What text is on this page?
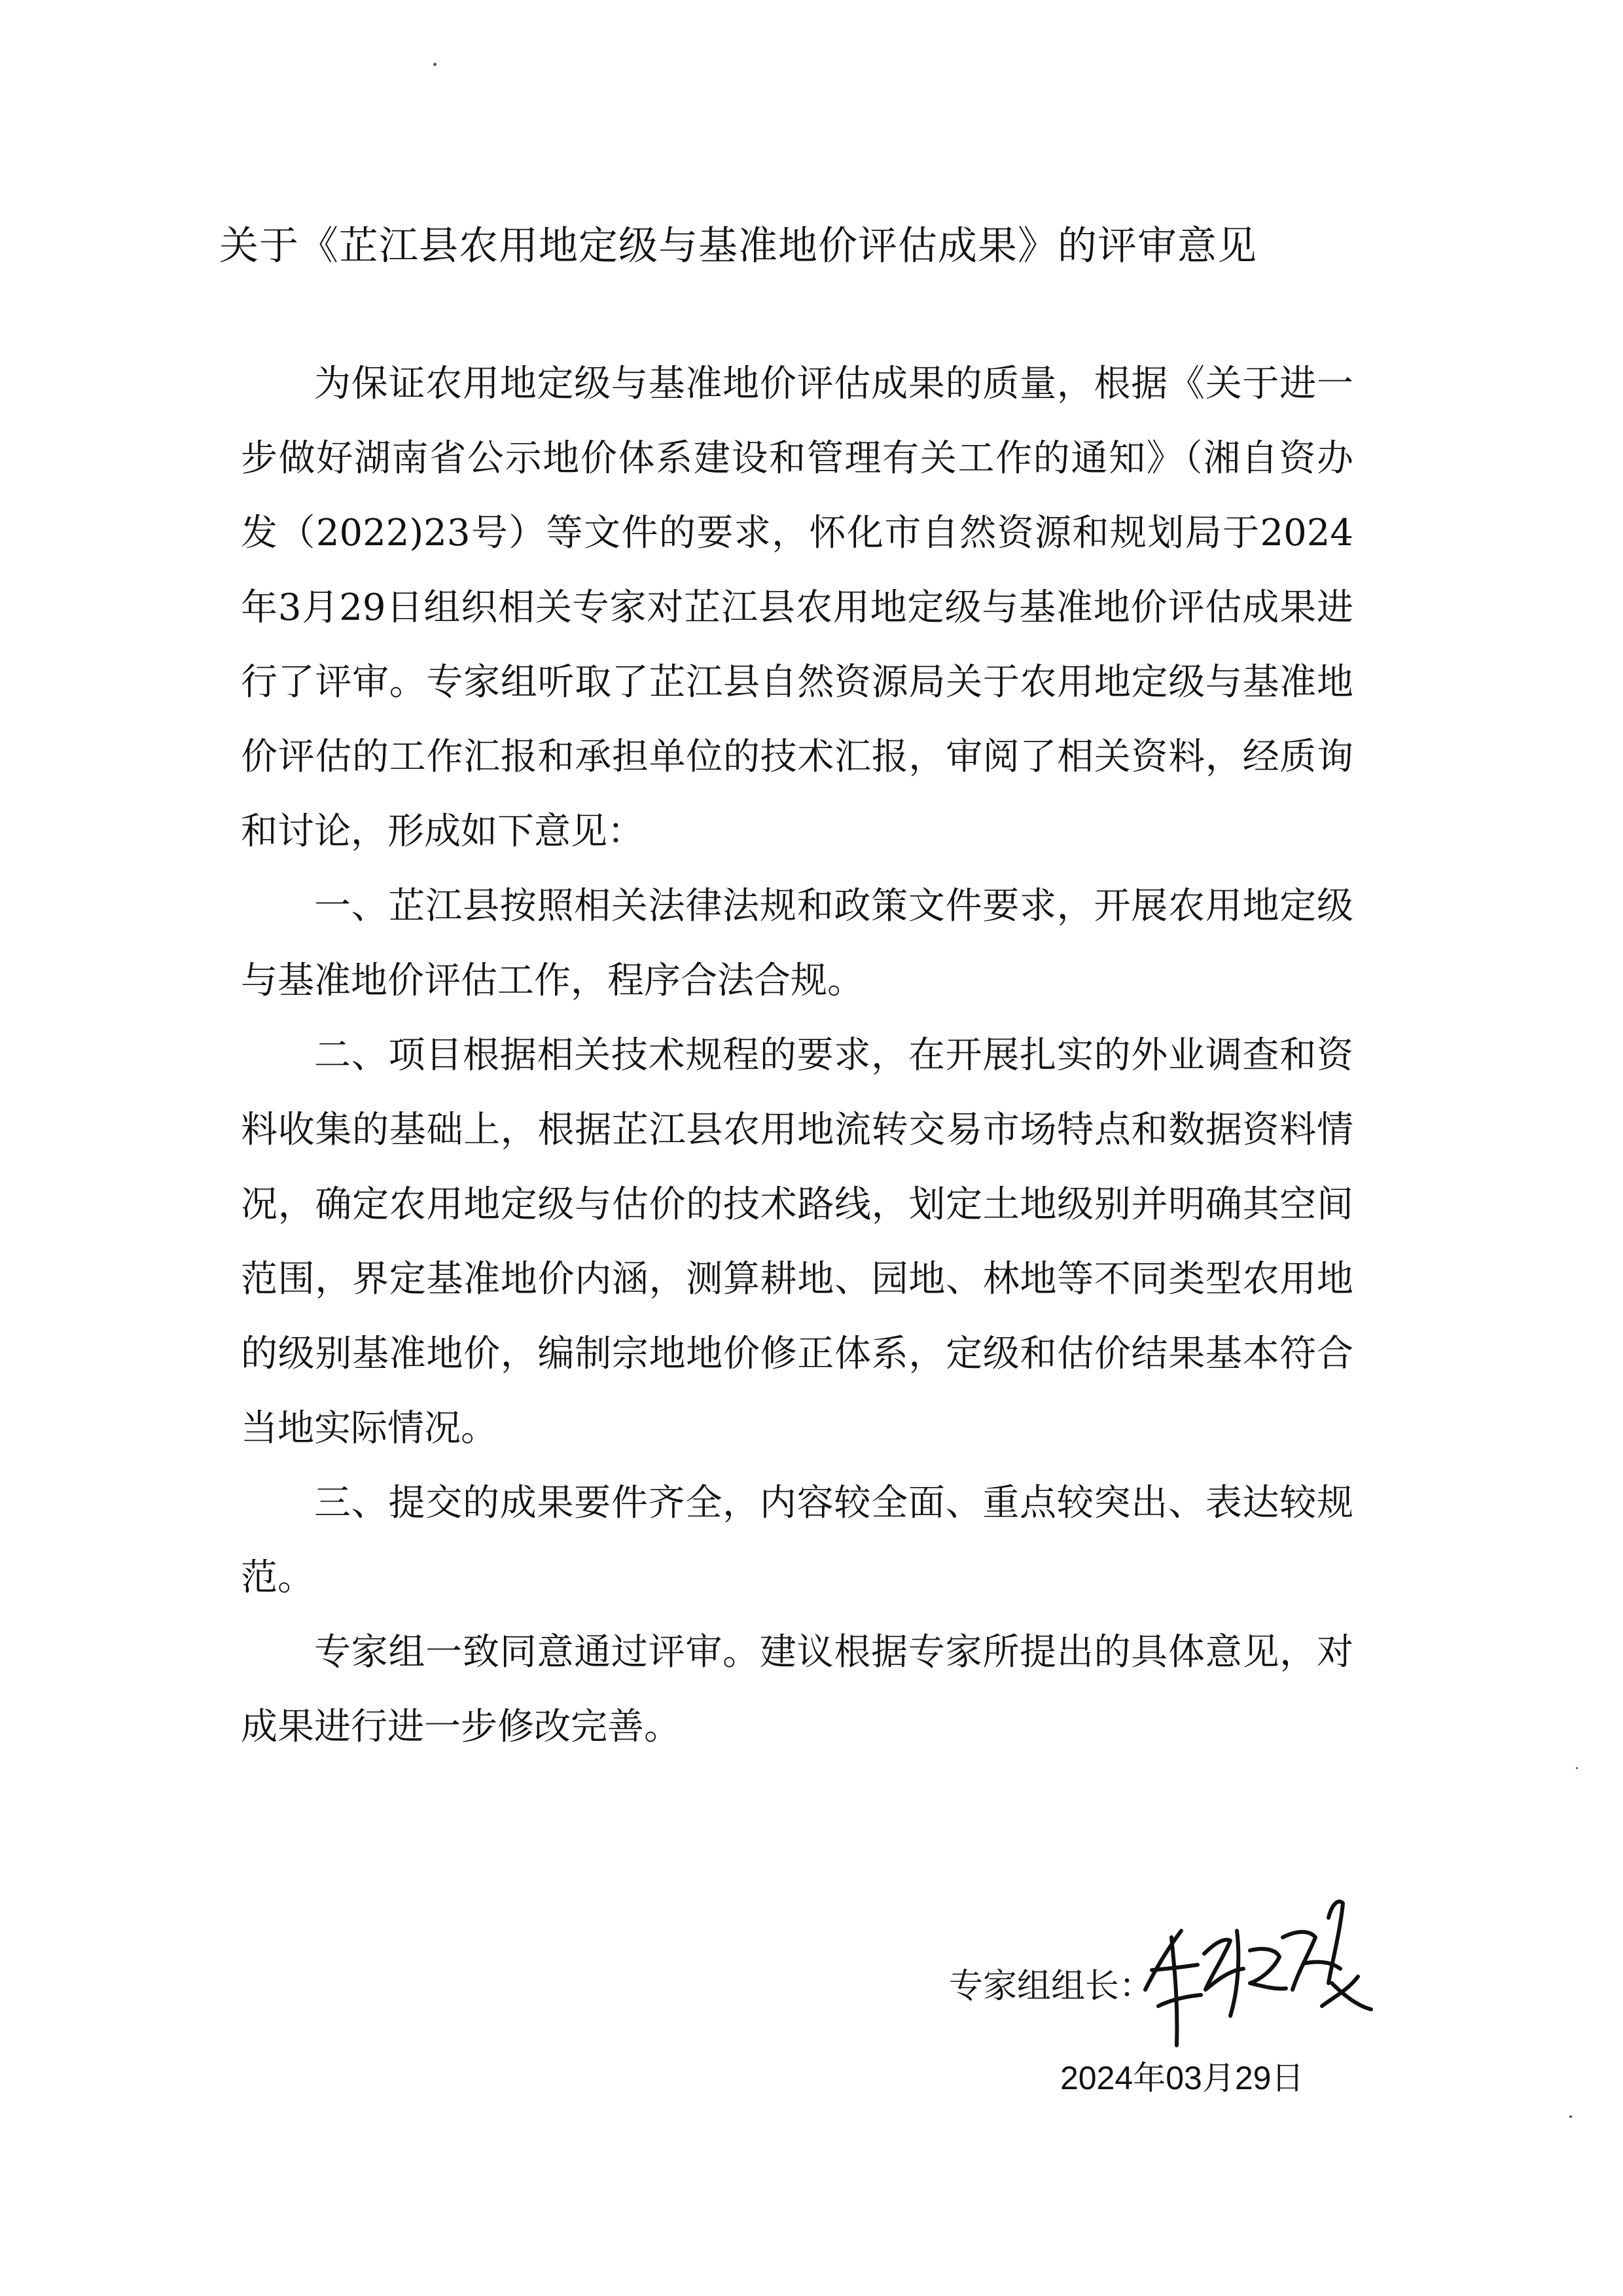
关于《芷江县农用地定级与基准地价评估成果》的评审意见

为保证农用地定级与基准地价评估成果的质量，根据《关于进一步做好湖南省公示地价体系建设和管理有关工作的通知》（湘自资办发（2022)23号）等文件的要求，怀化市自然资源和规划局于2024年3月29日组织相关专家对芷江县农用地定级与基准地价评估成果进行了评审。专家组听取了芷江县自然资源局关于农用地定级与基准地价评估的工作汇报和承担单位的技术汇报，审阅了相关资料，经质询和讨论，形成如下意见：

一、芷江县按照相关法律法规和政策文件要求，开展农用地定级与基准地价评估工作，程序合法合规。

二、项目根据相关技术规程的要求，在开展扎实的外业调查和资料收集的基础上，根据芷江县农用地流转交易市场特点和数据资料情况，确定农用地定级与估价的技术路线，划定土地级别并明确其空间范围，界定基准地价内涵，测算耕地、园地、林地等不同类型农用地的级别基准地价，编制宗地地价修正体系，定级和估价结果基本符合当地实际情况。

三、提交的成果要件齐全，内容较全面、重点较突出、表达较规范。

专家组一致同意通过评审。建议根据专家所提出的具体意见，对成果进行进一步修改完善。

专家组组长：
2024年03月29日
